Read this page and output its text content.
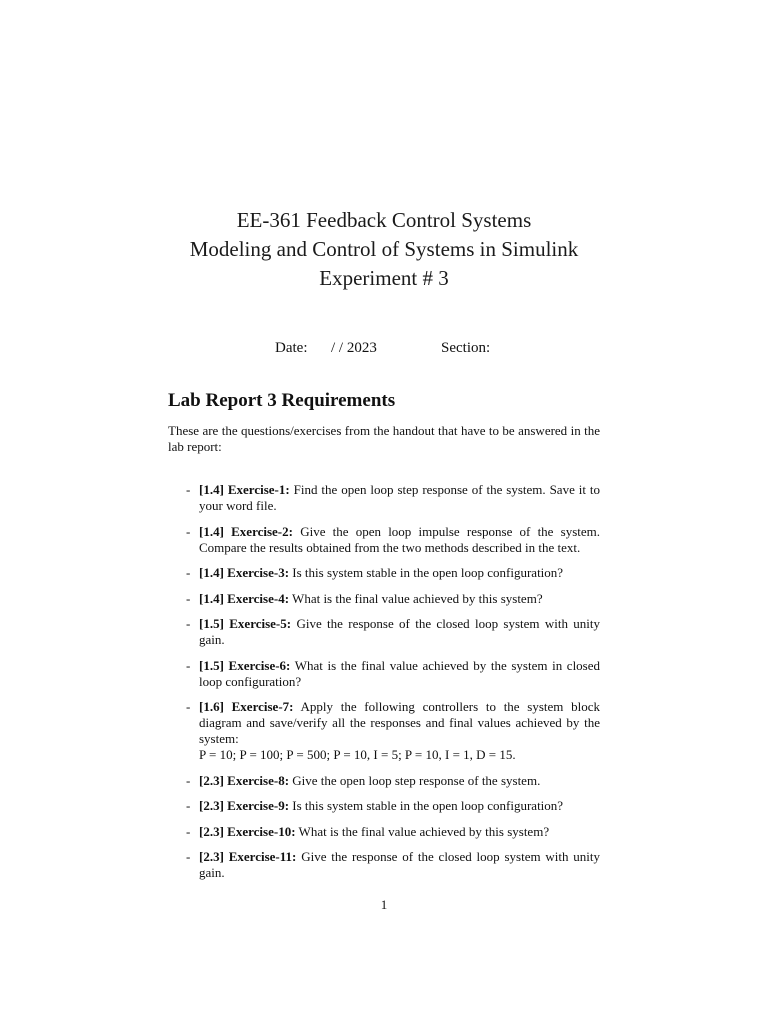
EE-361 Feedback Control Systems
Modeling and Control of Systems in Simulink
Experiment # 3
Date: / / 2023	Section:
Lab Report 3 Requirements
These are the questions/exercises from the handout that have to be answered in the lab report:
- [1.4] Exercise-1: Find the open loop step response of the system. Save it to your word file.
- [1.4] Exercise-2: Give the open loop impulse response of the system. Compare the results obtained from the two methods described in the text.
- [1.4] Exercise-3: Is this system stable in the open loop configuration?
- [1.4] Exercise-4: What is the final value achieved by this system?
- [1.5] Exercise-5: Give the response of the closed loop system with unity gain.
- [1.5] Exercise-6: What is the final value achieved by the system in closed loop configuration?
- [1.6] Exercise-7: Apply the following controllers to the system block diagram and save/verify all the responses and final values achieved by the system:
P = 10; P = 100; P = 500; P = 10, I = 5; P = 10, I = 1, D = 15.
- [2.3] Exercise-8: Give the open loop step response of the system.
- [2.3] Exercise-9: Is this system stable in the open loop configuration?
- [2.3] Exercise-10: What is the final value achieved by this system?
- [2.3] Exercise-11: Give the response of the closed loop system with unity gain.
1
